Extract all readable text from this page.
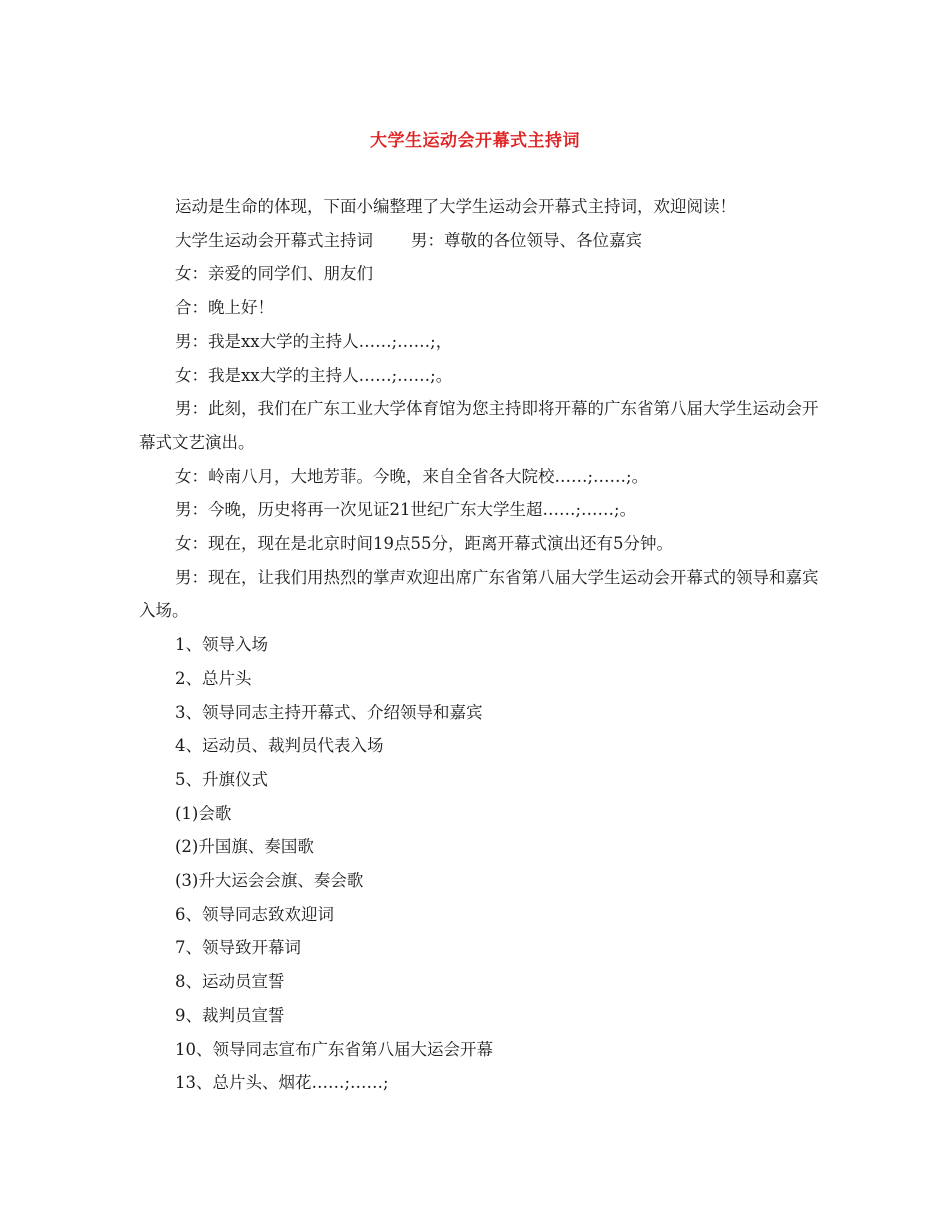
大学生运动会开幕式主持词

运动是生命的体现，下面小编整理了大学生运动会开幕式主持词，欢迎阅读！

大学生运动会开幕式主持词 男：尊敬的各位领导、各位嘉宾

女：亲爱的同学们、朋友们

合：晚上好！

男：我是xx大学的主持人……;……;，

女：我是xx大学的主持人……;……;。

男：此刻，我们在广东工业大学体育馆为您主持即将开幕的广东省第八届大学生运动会开幕式文艺演出。

女：岭南八月，大地芳菲。今晚，来自全省各大院校……;……;。

男：今晚，历史将再一次见证21世纪广东大学生超……;……;。

女：现在，现在是北京时间19点55分，距离开幕式演出还有5分钟。

男：现在，让我们用热烈的掌声欢迎出席广东省第八届大学生运动会开幕式的领导和嘉宾入场。

1、领导入场

2、总片头

3、领导同志主持开幕式、介绍领导和嘉宾

4、运动员、裁判员代表入场

5、升旗仪式

(1)会歌

(2)升国旗、奏国歌

(3)升大运会会旗、奏会歌

6、领导同志致欢迎词

7、领导致开幕词

8、运动员宣誓

9、裁判员宣誓

10、领导同志宣布广东省第八届大运会开幕

13、总片头、烟花……;……;
